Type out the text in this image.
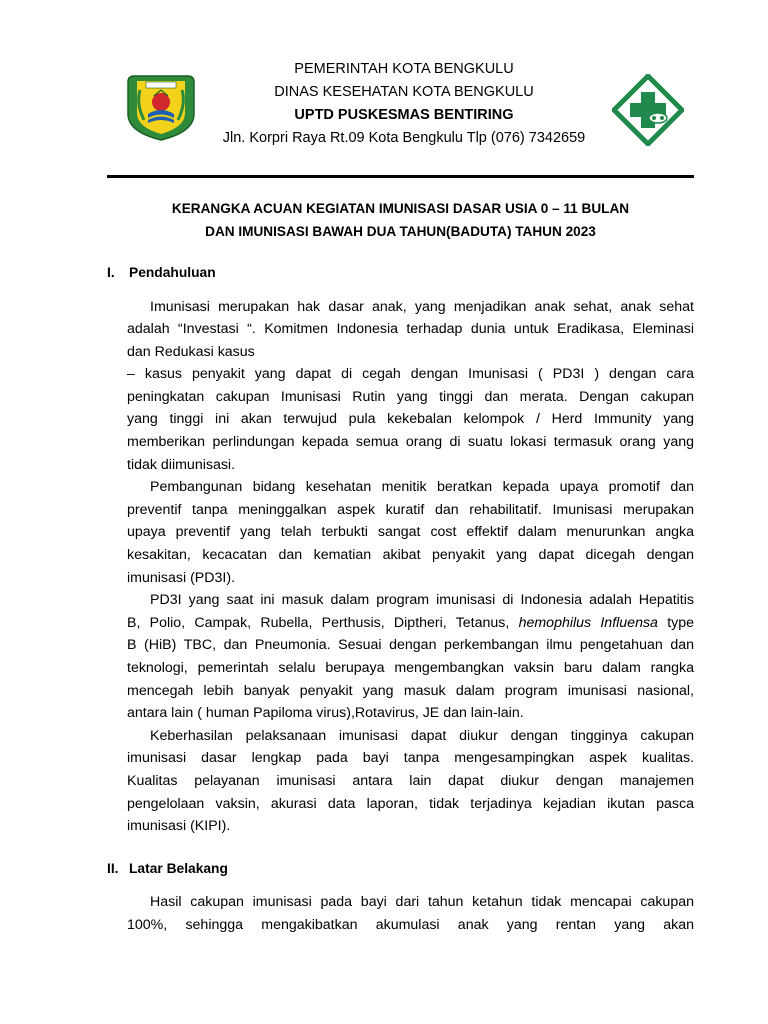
PEMERINTAH KOTA BENGKULU
DINAS KESEHATAN KOTA BENGKULU
UPTD PUSKESMAS BENTIRING
Jln. Korpri Raya Rt.09 Kota Bengkulu Tlp (076) 7342659
KERANGKA ACUAN KEGIATAN IMUNISASI DASAR USIA 0 – 11 BULAN
DAN IMUNISASI BAWAH DUA TAHUN(BADUTA) TAHUN 2023
I. Pendahuluan

Imunisasi merupakan hak dasar anak, yang menjadikan anak sehat, anak sehat
adalah “Investasi “. Komitmen Indonesia terhadap dunia untuk Eradikasa, Eleminasi
dan Redukasi kasus
– kasus penyakit yang dapat di cegah dengan Imunisasi ( PD3I ) dengan cara
peningkatan cakupan Imunisasi Rutin yang tinggi dan merata. Dengan cakupan
yang tinggi ini akan terwujud pula kekebalan kelompok / Herd Immunity yang
memberikan perlindungan kepada semua orang di suatu lokasi termasuk orang yang
tidak diimunisasi.

Pembangunan bidang kesehatan menitik beratkan kepada upaya promotif dan
preventif tanpa meninggalkan aspek kuratif dan rehabilitatif. Imunisasi merupakan
upaya preventif yang telah terbukti sangat cost effektif dalam menurunkan angka
kesakitan, kecacatan dan kematian akibat penyakit yang dapat dicegah dengan
imunisasi (PD3I).

PD3I yang saat ini masuk dalam program imunisasi di Indonesia adalah Hepatitis
B, Polio, Campak, Rubella, Perthusis, Dipther‌i, Tetanus, hemophilus Influensa type
B (HiB) TBC, dan Pneumonia. Sesuai dengan perkembangan ilmu pengetahuan dan
teknologi, pemerintah selalu berupaya mengembangkan vaksin baru dalam rangka
mencegah lebih banyak penyakit yang masuk dalam program imunisasi nasional,
antara lain ( human Papiloma virus),Rotavirus, JE dan lain-lain.

Keberhasilan pelaksanaan imunisasi dapat diukur dengan tingginya cakupan
imunisasi dasar lengkap pada bayi tanpa mengesampingkan aspek kualitas.
Kualitas pelayanan imunisasi antara lain dapat diukur dengan manajemen
pengelolaan vaksin, akurasi data laporan, tidak terjadinya kejadian ikutan pasca
imunisasi (KIPI).

II. Latar Belakang

Hasil cakupan imunisasi pada bayi dari tahun ketahun tidak mencapai cakupan
100%, sehingga mengakibatkan akumulasi anak yang rentan yang akan
